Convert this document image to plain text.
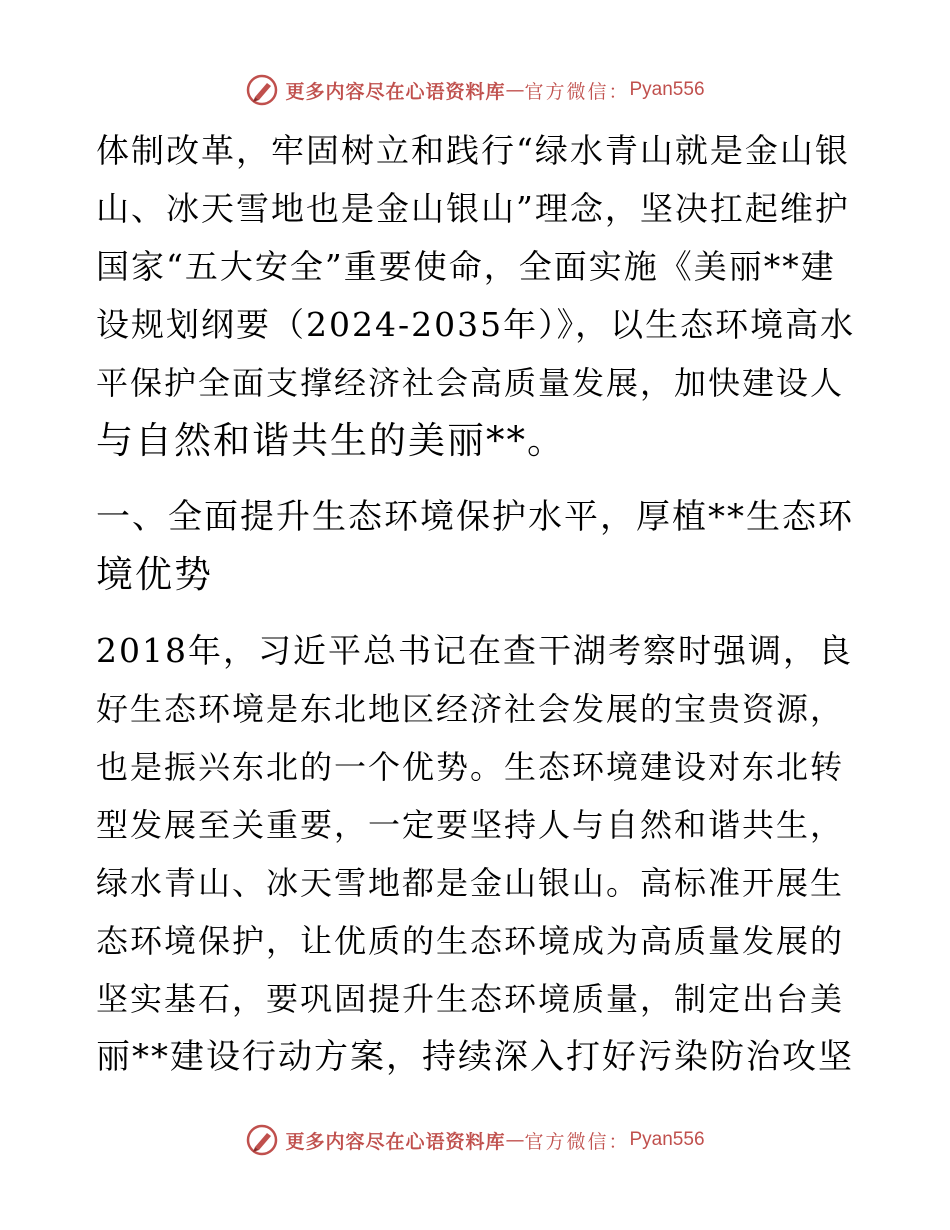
更多内容尽在心语资料库 — 官方微信： Pyan556
体制改革，牢固树立和践行“绿水青山就是金山银
山、冰天雪地也是金山银山”理念，坚决扛起维护
国家“五大安全”重要使命，全面实施《美丽**建
设规划纲要（2024-2035年）》，以生态环境高水
平保护全面支撑经济社会高质量发展，加快建设人
与自然和谐共生的美丽**。
一、全面提升生态环境保护水平，厚植**生态环
境优势
2018年，习近平总书记在查干湖考察时强调，良
好生态环境是东北地区经济社会发展的宝贵资源，
也是振兴东北的一个优势。生态环境建设对东北转
型发展至关重要，一定要坚持人与自然和谐共生，
绿水青山、冰天雪地都是金山银山。高标准开展生
态环境保护，让优质的生态环境成为高质量发展的
坚实基石，要巩固提升生态环境质量，制定出台美
丽**建设行动方案，持续深入打好污染防治攻坚
更多内容尽在心语资料库 — 官方微信： Pyan556
